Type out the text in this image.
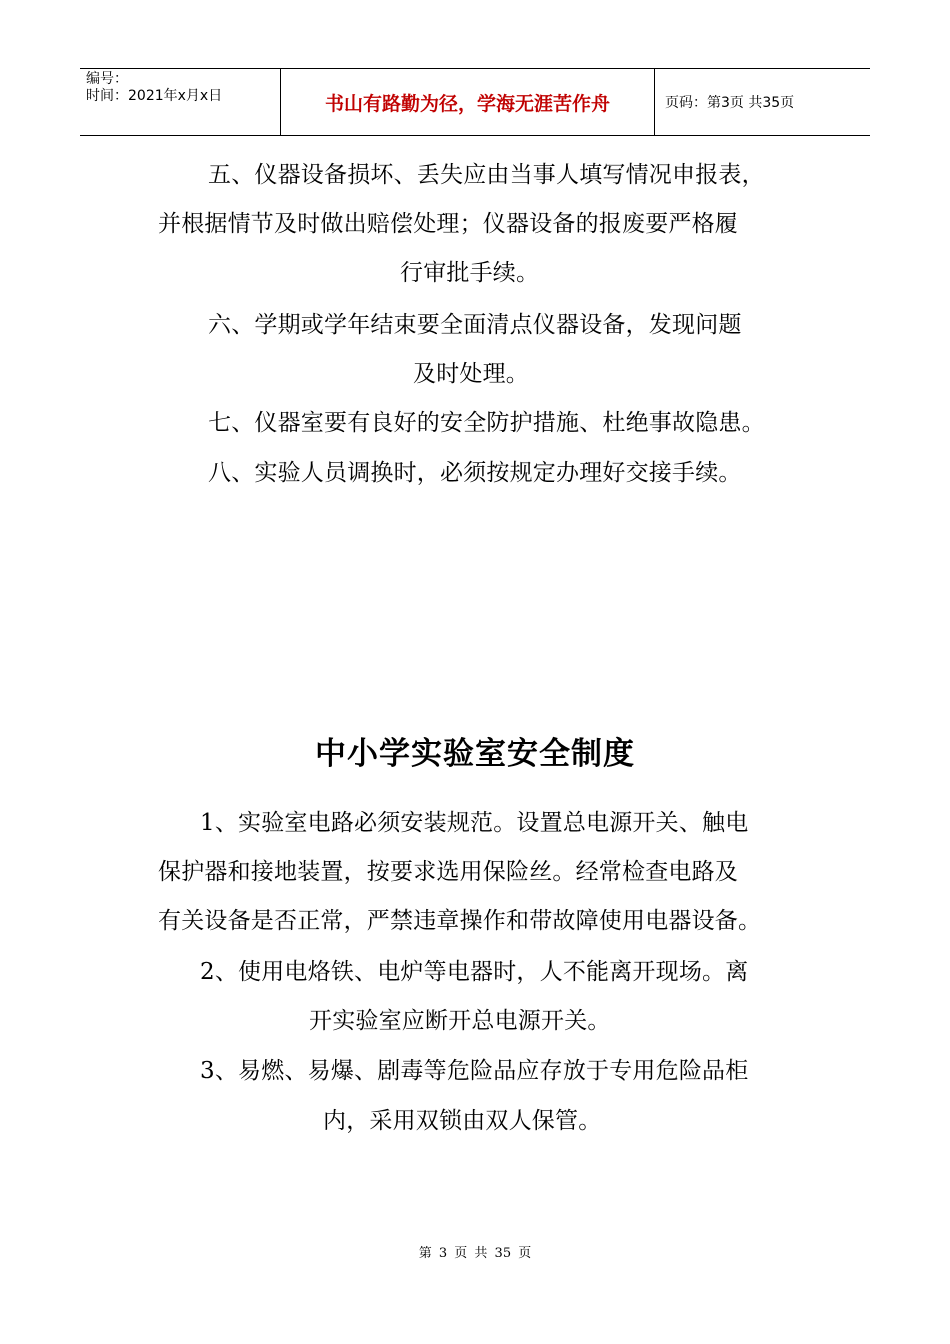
编号：
时间：2021年x月x日	书山有路勤为径，学海无涯苦作舟	页码：第3页 共35页
五、仪器设备损坏、丢失应由当事人填写情况申报表，
并根据情节及时做出赔偿处理；仪器设备的报废要严格履
行审批手续。
六、学期或学年结束要全面清点仪器设备，发现问题
及时处理。
七、仪器室要有良好的安全防护措施、杜绝事故隐患。
八、实验人员调换时，必须按规定办理好交接手续。
中小学实验室安全制度
1、实验室电路必须安装规范。设置总电源开关、触电
保护器和接地装置，按要求选用保险丝。经常检查电路及
有关设备是否正常，严禁违章操作和带故障使用电器设备。
2、使用电烙铁、电炉等电器时，人不能离开现场。离
开实验室应断开总电源开关。
3、易燃、易爆、剧毒等危险品应存放于专用危险品柜
内，采用双锁由双人保管。
第 3 页 共 35 页
